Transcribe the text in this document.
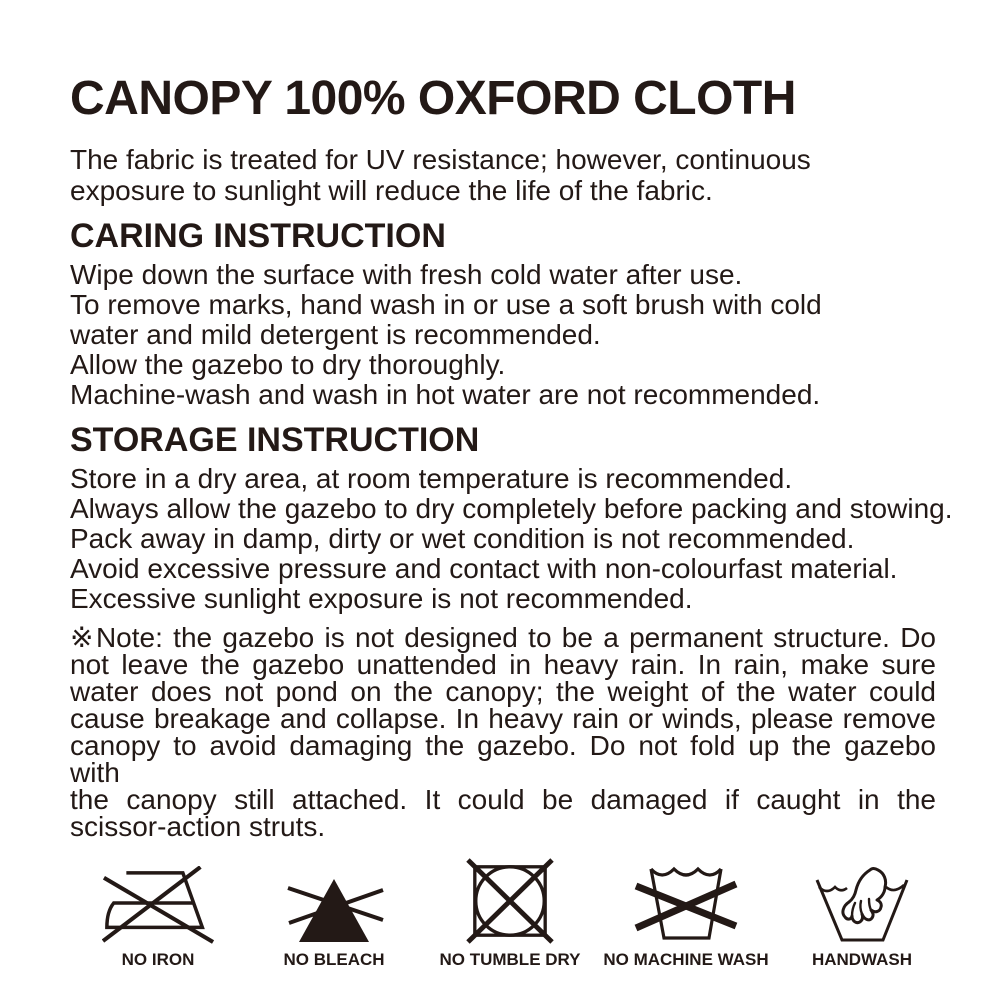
CANOPY 100% OXFORD CLOTH
The fabric is treated for UV resistance; however, continuous
exposure to sunlight will reduce the life of the fabric.
CARING INSTRUCTION
Wipe down the surface with fresh cold water after use.
To remove marks, hand wash in or use a soft brush with cold
water and mild detergent is recommended.
Allow the gazebo to dry thoroughly.
Machine-wash and wash in hot water are not recommended.
STORAGE INSTRUCTION
Store in a dry area, at room temperature is recommended.
Always allow the gazebo to dry completely before packing and stowing.
Pack away in damp, dirty or wet condition is not recommended.
Avoid excessive pressure and contact with non-colourfast material.
Excessive sunlight exposure is not recommended.
※Note: the gazebo is not designed to be a permanent structure. Do
not leave the gazebo unattended in heavy rain. In rain, make sure
water does not pond on the canopy; the weight of the water could
cause breakage and collapse. In heavy rain or winds, please remove
canopy to avoid damaging the gazebo. Do not fold up the gazebo with
the canopy still attached. It could be damaged if caught in the
scissor-action struts.
NO IRON	NO BLEACH	NO TUMBLE DRY NO MACHINE WASH	HANDWASH
